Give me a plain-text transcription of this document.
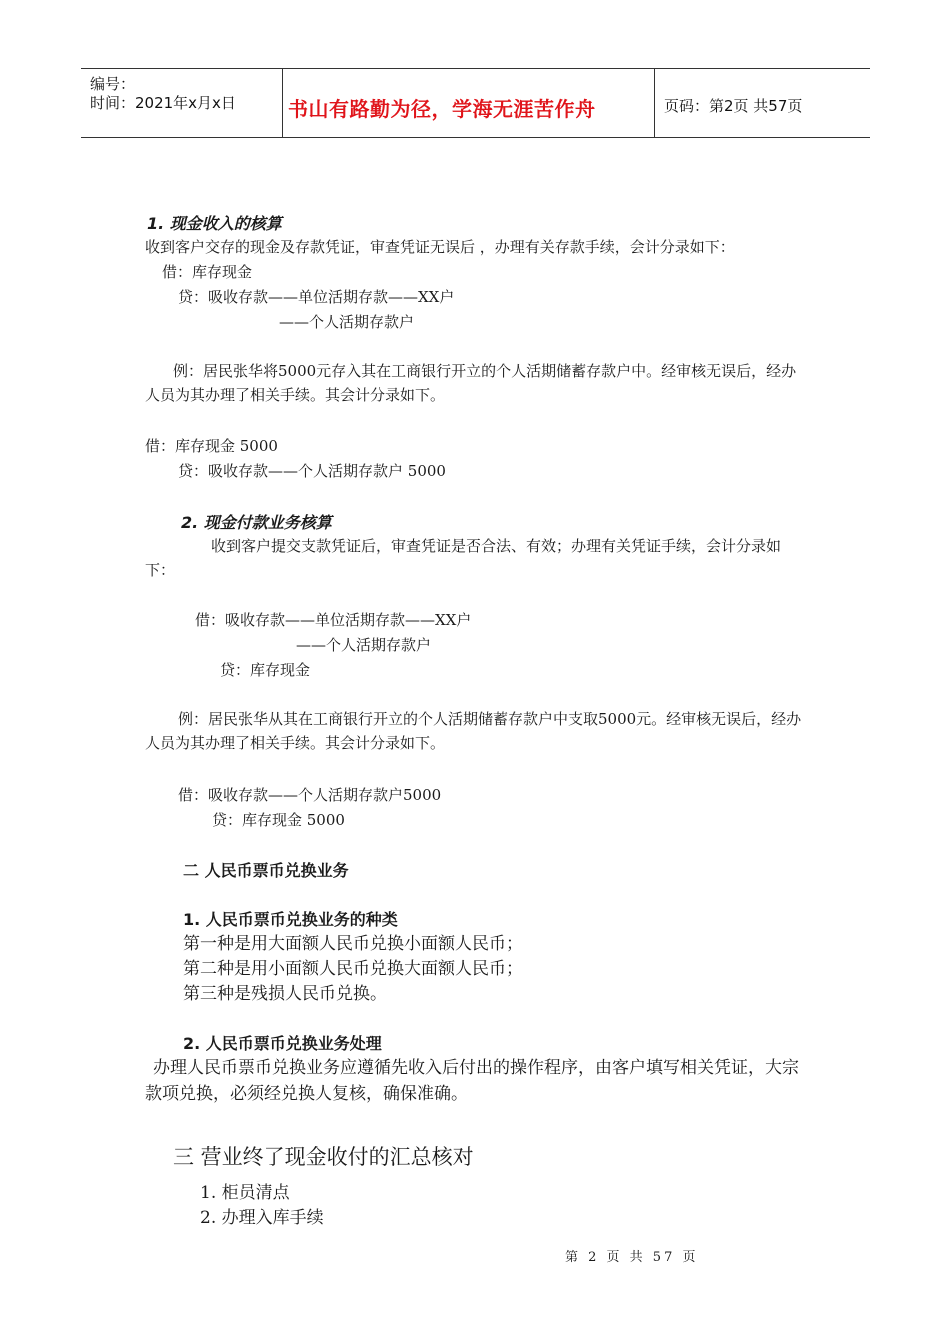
编号：
时间：2021年x月x日	书山有路勤为径，学海无涯苦作舟	页码：第2页 共57页
1. 现金收入的核算
收到客户交存的现金及存款凭证，审查凭证无误后 ，办理有关存款手续，会计分录如下：
借：库存现金
贷：吸收存款——单位活期存款——XX户
——个人活期存款户
例：居民张华将5000元存入其在工商银行开立的个人活期储蓄存款户中。经审核无误后，经办人员为其办理了相关手续。其会计分录如下。
借：库存现金 5000
贷：吸收存款——个人活期存款户 5000
2. 现金付款业务核算
收到客户提交支款凭证后，审查凭证是否合法、有效；办理有关凭证手续，会计分录如下：
借：吸收存款——单位活期存款——XX户
——个人活期存款户
贷：库存现金
例：居民张华从其在工商银行开立的个人活期储蓄存款户中支取5000元。经审核无误后，经办人员为其办理了相关手续。其会计分录如下。
借：吸收存款——个人活期存款户5000
贷：库存现金 5000
二 人民币票币兑换业务
1. 人民币票币兑换业务的种类
第一种是用大面额人民币兑换小面额人民币；
第二种是用小面额人民币兑换大面额人民币；
第三种是残损人民币兑换。
2. 人民币票币兑换业务处理
办理人民币票币兑换业务应遵循先收入后付出的操作程序，由客户填写相关凭证，大宗款项兑换，必须经兑换人复核，确保准确。
三 营业终了现金收付的汇总核对
1. 柜员清点
2. 办理入库手续
第 2 页 共 57 页
